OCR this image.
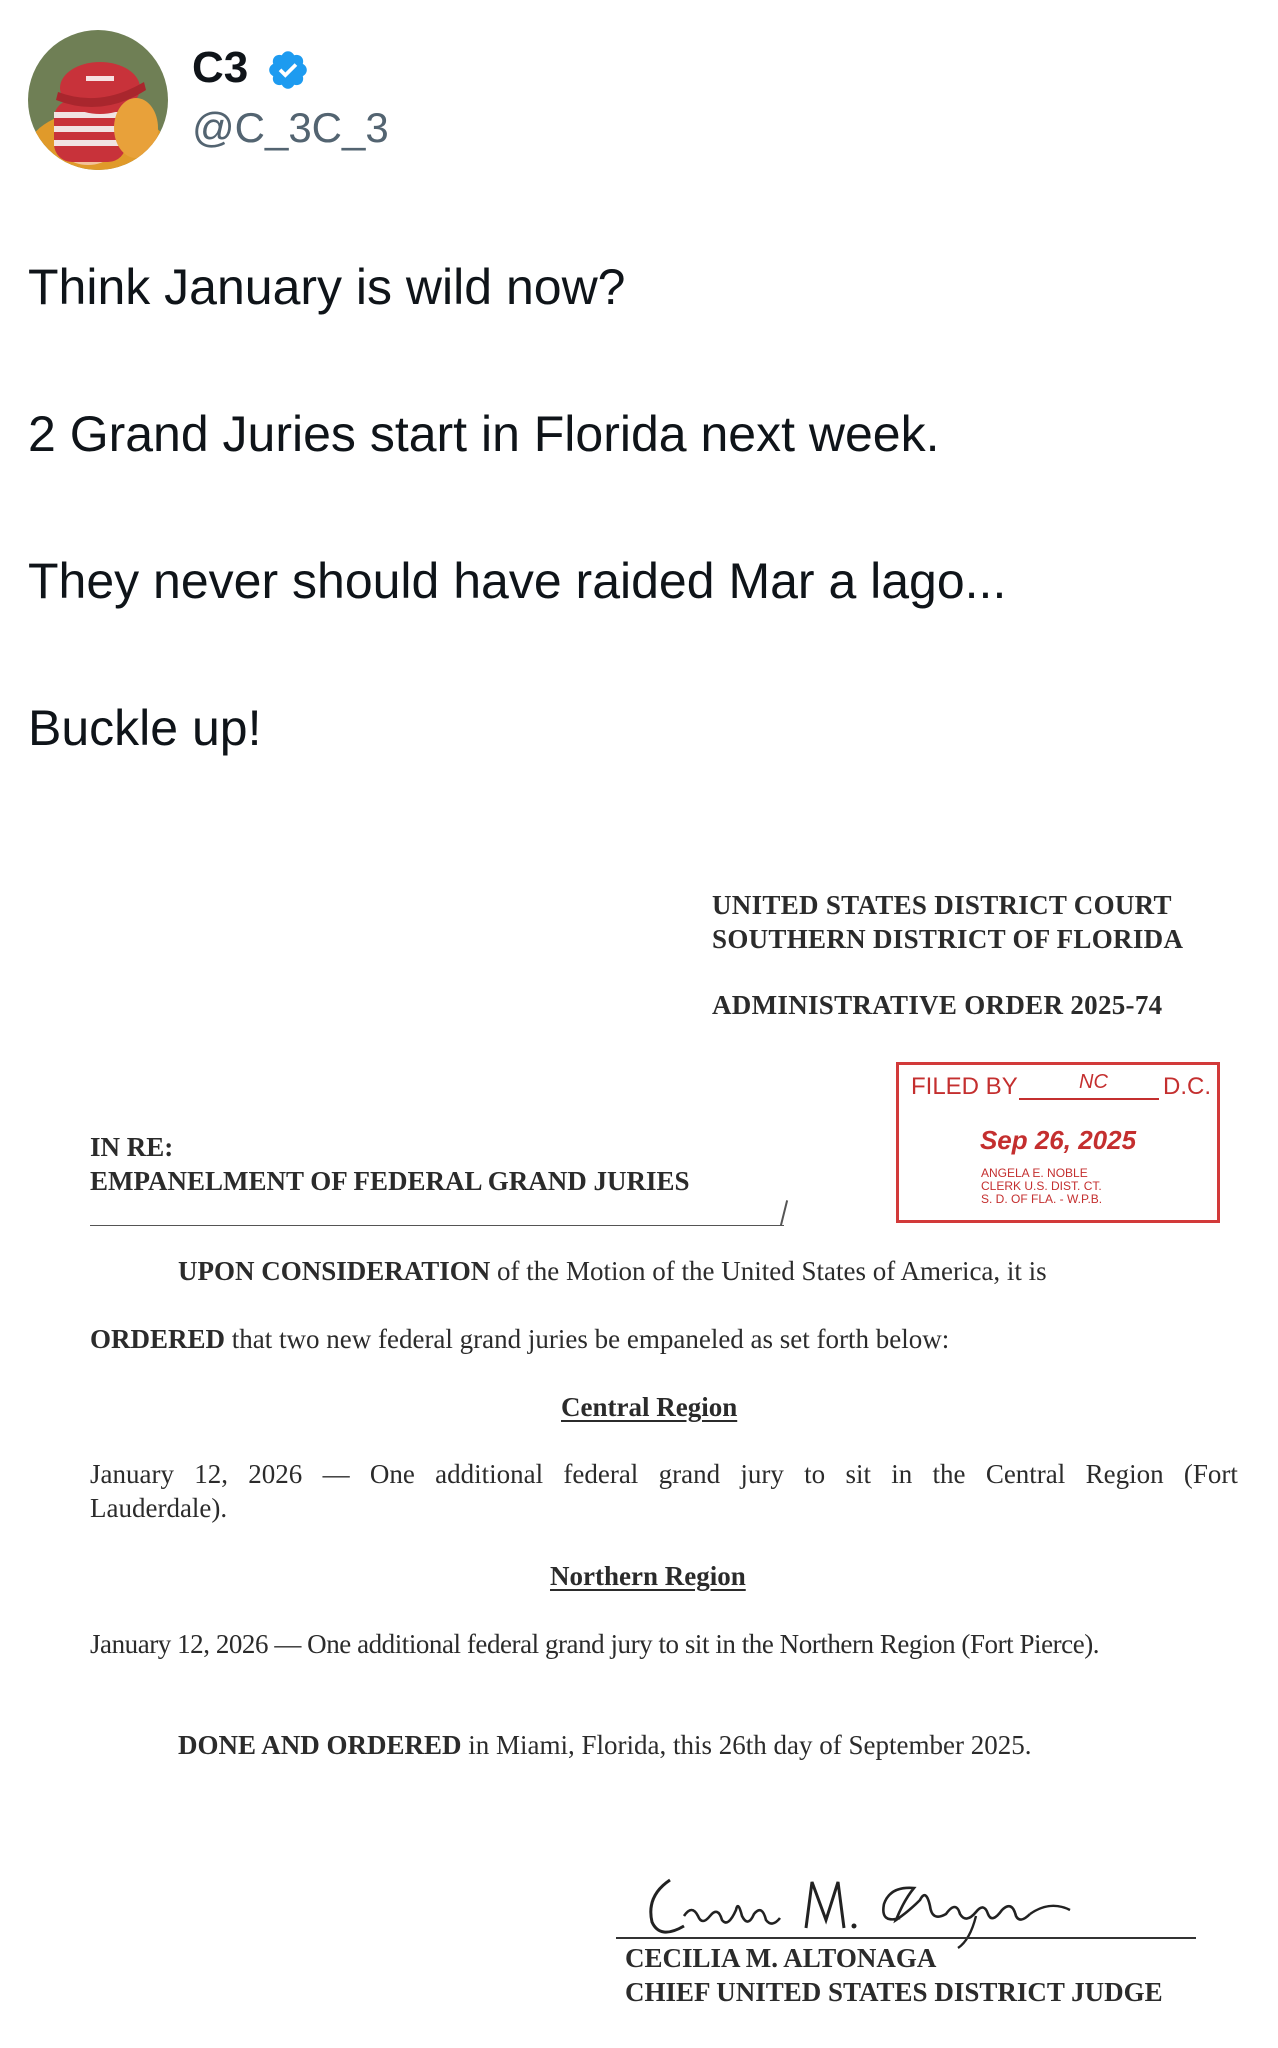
C3
@C_3C_3
Think January is wild now?
2 Grand Juries start in Florida next week.
They never should have raided Mar a lago...
Buckle up!
UNITED STATES DISTRICT COURT
SOUTHERN DISTRICT OF FLORIDA
ADMINISTRATIVE ORDER 2025-74
FILED BY	NC D.C.
Sep 26, 2025
ANGELA E. NOBLE
CLERK U.S. DIST. CT.
S. D. OF FLA. - W.P.B.
IN RE:
EMPANELMENT OF FEDERAL GRAND JURIES
UPON CONSIDERATION of the Motion of the United States of America, it is
ORDERED that two new federal grand juries be empaneled as set forth below:
Central Region
January 12, 2026 — One additional federal grand jury to sit in the Central Region (Fort
Lauderdale).
Northern Region
January 12, 2026 — One additional federal grand jury to sit in the Northern Region (Fort Pierce).
DONE AND ORDERED in Miami, Florida, this 26th day of September 2025.
CECILIA M. ALTONAGA
CHIEF UNITED STATES DISTRICT JUDGE
